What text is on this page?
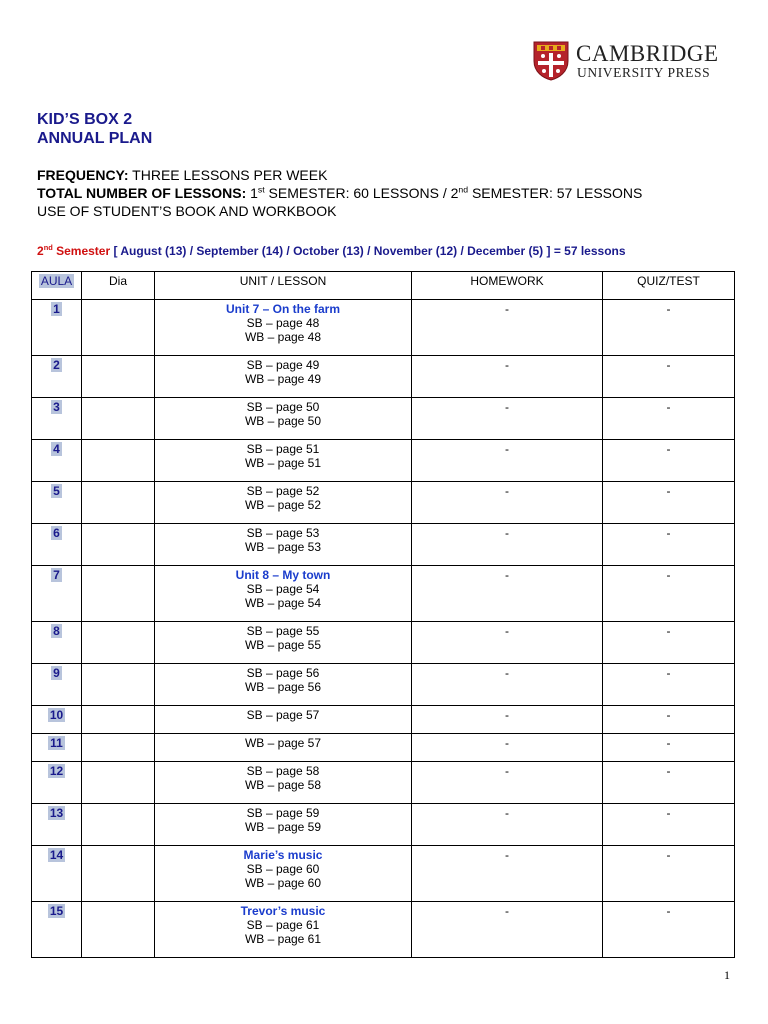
CAMBRIDGE
UNIVERSITY PRESS
KID’S BOX 2
ANNUAL PLAN
FREQUENCY: THREE LESSONS PER WEEK
TOTAL NUMBER OF LESSONS: 1st SEMESTER: 60 LESSONS / 2nd SEMESTER: 57 LESSONS
USE OF STUDENT’S BOOK AND WORKBOOK
2nd Semester [ August (13) / September (14) / October (13) / November (12) / December (5) ] = 57 lessons
AULA	Dia	UNIT / LESSON	HOMEWORK	QUIZ/TEST
1		Unit 7 – On the farm
SB – page 48
WB – page 48	-	-
2		SB – page 49
WB – page 49	-	-
3		SB – page 50
WB – page 50	-	-
4		SB – page 51
WB – page 51	-	-
5		SB – page 52
WB – page 52	-	-
6		SB – page 53
WB – page 53	-	-
7		Unit 8 – My town
SB – page 54
WB – page 54	-	-
8		SB – page 55
WB – page 55	-	-
9		SB – page 56
WB – page 56	-	-
10		SB – page 57	-	-
11		WB – page 57	-	-
12		SB – page 58
WB – page 58	-	-
13		SB – page 59
WB – page 59	-	-
14		Marie’s music
SB – page 60
WB – page 60	-	-
15		Trevor’s music
SB – page 61
WB – page 61	-	-
1
